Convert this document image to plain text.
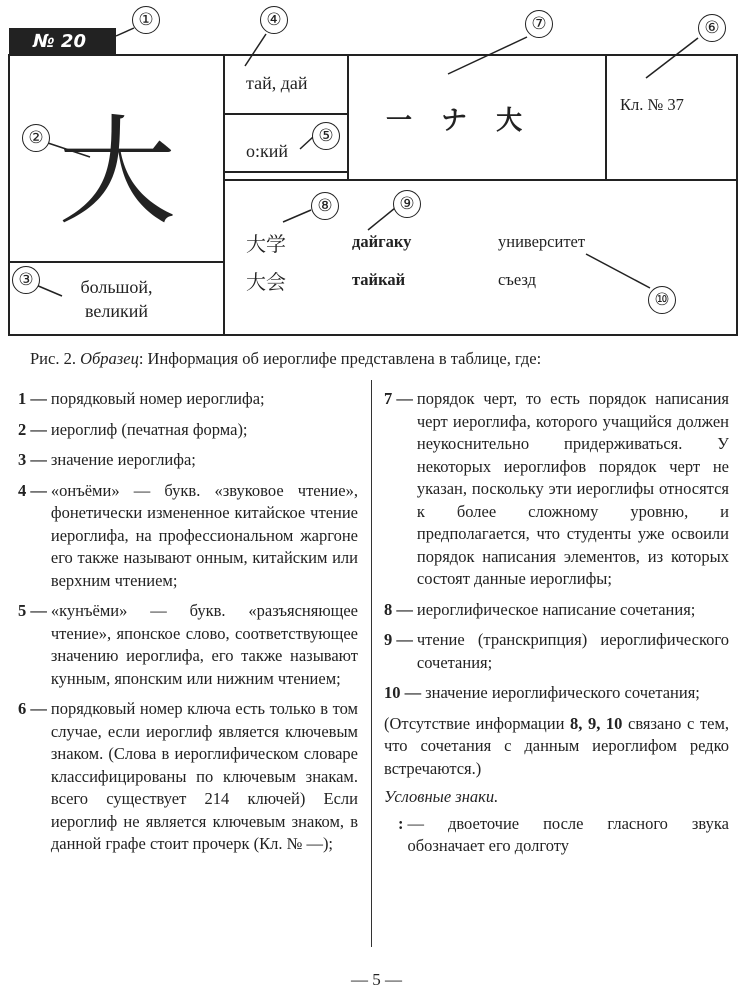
№ 20
①
②
③
④
⑤
⑦	⑥
⑧	⑨
⑩
大
большой,
великий
тай, дай
о:кий
一 ナ 大
Кл. № 37
大学	дайгаку	университет
大会	тайкай	съезд
Рис. 2. Образец: Информация об иероглифе представлена в таблице, где:
1 — порядковый номер иероглифа;
2 — иероглиф (печатная форма);
3 — значение иероглифа;
4 — «онъёми» — букв. «звуковое чтение», фонетически измененное китайское чтение иероглифа, на профессиональном жаргоне его также называют онным, китайским или верхним чтением;
5 — «кунъёми» — букв. «разъясняющее чтение», японское слово, соответствующее значению иероглифа, его также называют кунным, японским или нижним чтением;
6 — порядковый номер ключа есть только в том случае, если иероглиф является ключевым знаком. (Слова в иероглифическом словаре классифицированы по ключевым знакам. всего существует 214 ключей) Если иероглиф не является ключевым знаком, в данной графе стоит прочерк (Кл. № —);
7 — порядок черт, то есть порядок написания черт иероглифа, которого учащийся должен неукоснительно придерживаться. У некоторых иероглифов порядок черт не указан, поскольку эти иероглифы относятся к более сложному уровню, и предполагается, что студенты уже освоили порядок написания элементов, из которых состоят данные иероглифы;
8 — иероглифическое написание сочетания;
9 — чтение (транскрипция) иероглифического сочетания;
10 — значение иероглифического сочетания;
(Отсутствие информации 8, 9, 10 связано с тем, что сочетания с данным иероглифом редко встречаются.)
Условные знаки.
: — двоеточие после гласного звука обозначает его долготу
— 5 —
